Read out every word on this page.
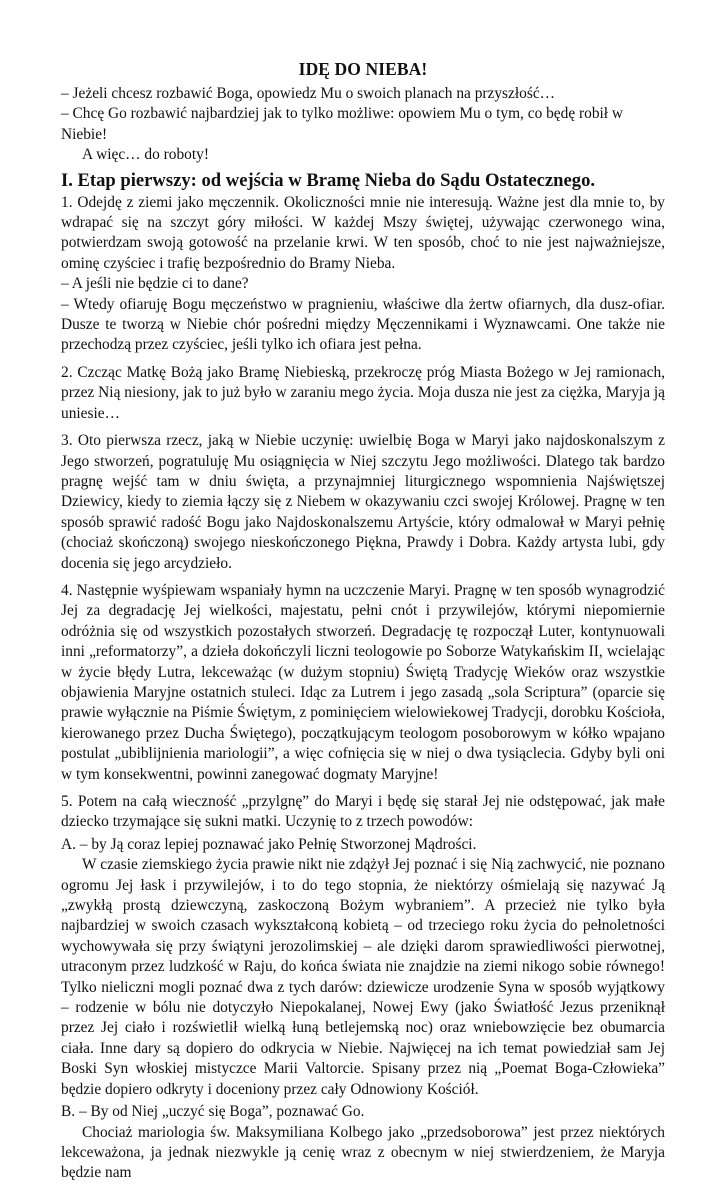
IDĘ DO NIEBA!

– Jeżeli chcesz rozbawić Boga, opowiedz Mu o swoich planach na przyszłość…

– Chcę Go rozbawić najbardziej jak to tylko możliwe: opowiem Mu o tym, co będę robił w Niebie!

A więc… do roboty!

I. Etap pierwszy: od wejścia w Bramę Nieba do Sądu Ostatecznego.

1. Odejdę z ziemi jako męczennik. Okoliczności mnie nie interesują. Ważne jest dla mnie to, by wdrapać się na szczyt góry miłości. W każdej Mszy świętej, używając czerwonego wina, potwierdzam swoją gotowość na przelanie krwi. W ten sposób, choć to nie jest najważniejsze, ominę czyściec i trafię bezpośrednio do Bramy Nieba.

– A jeśli nie będzie ci to dane?

– Wtedy ofiaruję Bogu męczeństwo w pragnieniu, właściwe dla żertw ofiarnych, dla dusz-ofiar. Dusze te tworzą w Niebie chór pośredni między Męczennikami i Wyznawcami. One także nie przechodzą przez czyściec, jeśli tylko ich ofiara jest pełna.

2. Czcząc Matkę Bożą jako Bramę Niebieską, przekroczę próg Miasta Bożego w Jej ramionach, przez Nią niesiony, jak to już było w zaraniu mego życia. Moja dusza nie jest za ciężka, Maryja ją uniesie…

3. Oto pierwsza rzecz, jaką w Niebie uczynię: uwielbię Boga w Maryi jako najdoskonalszym z Jego stworzeń, pogratuluję Mu osiągnięcia w Niej szczytu Jego możliwości. Dlatego tak bardzo pragnę wejść tam w dniu święta, a przynajmniej liturgicznego wspomnienia Najświętszej Dziewicy, kiedy to ziemia łączy się z Niebem w okazywaniu czci swojej Królowej. Pragnę w ten sposób sprawić radość Bogu jako Najdoskonalszemu Artyście, który odmalował w Maryi pełnię (chociaż skończoną) swojego nieskończonego Piękna, Prawdy i Dobra. Każdy artysta lubi, gdy docenia się jego arcydzieło.

4. Następnie wyśpiewam wspaniały hymn na uczczenie Maryi. Pragnę w ten sposób wynagrodzić Jej za degradację Jej wielkości, majestatu, pełni cnót i przywilejów, którymi niepomiernie odróżnia się od wszystkich pozostałych stworzeń. Degradację tę rozpoczął Luter, kontynuowali inni „reformatorzy”, a dzieła dokończyli liczni teologowie po Soborze Watykańskim II, wcielając w życie błędy Lutra, lekceważąc (w dużym stopniu) Świętą Tradycję Wieków oraz wszystkie objawienia Maryjne ostatnich stuleci. Idąc za Lutrem i jego zasadą „sola Scriptura” (oparcie się prawie wyłącznie na Piśmie Świętym, z pominięciem wielowiekowej Tradycji, dorobku Kościoła, kierowanego przez Ducha Świętego), początkującym teologom posoborowym w kółko wpajano postulat „ubiblijnienia mariologii”, a więc cofnięcia się w niej o dwa tysiąclecia. Gdyby byli oni w tym konsekwentni, powinni zanegować dogmaty Maryjne!

5. Potem na całą wieczność „przylgnę” do Maryi i będę się starał Jej nie odstępować, jak małe dziecko trzymające się sukni matki. Uczynię to z trzech powodów:

A. – by Ją coraz lepiej poznawać jako Pełnię Stworzonej Mądrości.

W czasie ziemskiego życia prawie nikt nie zdążył Jej poznać i się Nią zachwycić, nie poznano ogromu Jej łask i przywilejów, i to do tego stopnia, że niektórzy ośmielają się nazywać Ją „zwykłą prostą dziewczyną, zaskoczoną Bożym wybraniem”. A przecież nie tylko była najbardziej w swoich czasach wykształconą kobietą – od trzeciego roku życia do pełnoletności wychowywała się przy świątyni jerozolimskiej – ale dzięki darom sprawiedliwości pierwotnej, utraconym przez ludzkość w Raju, do końca świata nie znajdzie na ziemi nikogo sobie równego! Tylko nieliczni mogli poznać dwa z tych darów: dziewicze urodzenie Syna w sposób wyjątkowy – rodzenie w bólu nie dotyczyło Niepokalanej, Nowej Ewy (jako Światłość Jezus przeniknął przez Jej ciało i rozświetlił wielką łuną betlejemską noc) oraz wniebowzięcie bez obumarcia ciała. Inne dary są dopiero do odkrycia w Niebie. Najwięcej na ich temat powiedział sam Jej Boski Syn włoskiej mistyczce Marii Valtorcie. Spisany przez nią „Poemat Boga-Człowieka” będzie dopiero odkryty i doceniony przez cały Odnowiony Kościół.

B. – By od Niej „uczyć się Boga”, poznawać Go.

Chociaż mariologia św. Maksymiliana Kolbego jako „przedsoborowa” jest przez niektórych lekceważona, ja jednak niezwykle ją cenię wraz z obecnym w niej stwierdzeniem, że Maryja będzie nam
